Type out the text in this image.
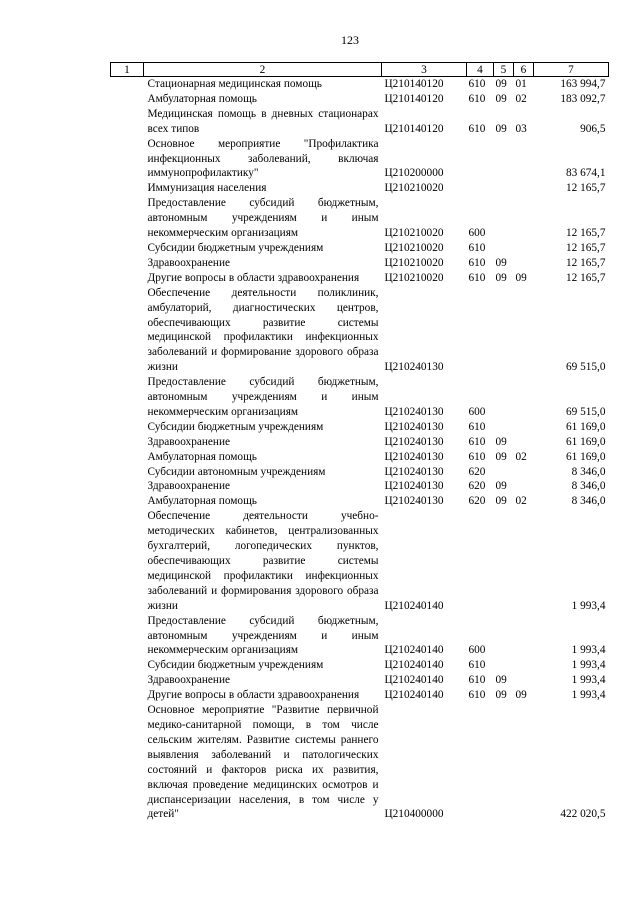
123
1	2	3	4	5	6	7
	Стационарная медицинская помощь	Ц210140120	610	09	01	163 994,7
	Амбулаторная помощь	Ц210140120	610	09	02	183 092,7
	Медицинская помощь в дневных стационарах всех типов	Ц210140120	610	09	03	906,5
	Основное мероприятие "Профилактика инфекционных заболеваний, включая иммунопрофилактику"	Ц210200000				83 674,1
	Иммунизация населения	Ц210210020				12 165,7
	Предоставление субсидий бюджетным, автономным учреждениям и иным некоммерческим организациям	Ц210210020	600			12 165,7
	Субсидии бюджетным учреждениям	Ц210210020	610			12 165,7
	Здравоохранение	Ц210210020	610	09		12 165,7
	Другие вопросы в области здравоохранения	Ц210210020	610	09	09	12 165,7
	Обеспечение деятельности поликлиник, амбулаторий, диагностических центров, обеспечивающих развитие системы медицинской профилактики инфекционных заболеваний и формирование здорового образа жизни	Ц210240130				69 515,0
	Предоставление субсидий бюджетным, автономным учреждениям и иным некоммерческим организациям	Ц210240130	600			69 515,0
	Субсидии бюджетным учреждениям	Ц210240130	610			61 169,0
	Здравоохранение	Ц210240130	610	09		61 169,0
	Амбулаторная помощь	Ц210240130	610	09	02	61 169,0
	Субсидии автономным учреждениям	Ц210240130	620			8 346,0
	Здравоохранение	Ц210240130	620	09		8 346,0
	Амбулаторная помощь	Ц210240130	620	09	02	8 346,0
	Обеспечение деятельности учебно-методических кабинетов, централизованных бухгалтерий, логопедических пунктов, обеспечивающих развитие системы медицинской профилактики инфекционных заболеваний и формирования здорового образа жизни	Ц210240140				1 993,4
	Предоставление субсидий бюджетным, автономным учреждениям и иным некоммерческим организациям	Ц210240140	600			1 993,4
	Субсидии бюджетным учреждениям	Ц210240140	610			1 993,4
	Здравоохранение	Ц210240140	610	09		1 993,4
	Другие вопросы в области здравоохранения	Ц210240140	610	09	09	1 993,4
	Основное мероприятие "Развитие первичной медико-санитарной помощи, в том числе сельским жителям. Развитие системы раннего выявления заболеваний и патологических состояний и факторов риска их развития, включая проведение медицинских осмотров и диспансеризации населения, в том числе у детей"	Ц210400000				422 020,5
